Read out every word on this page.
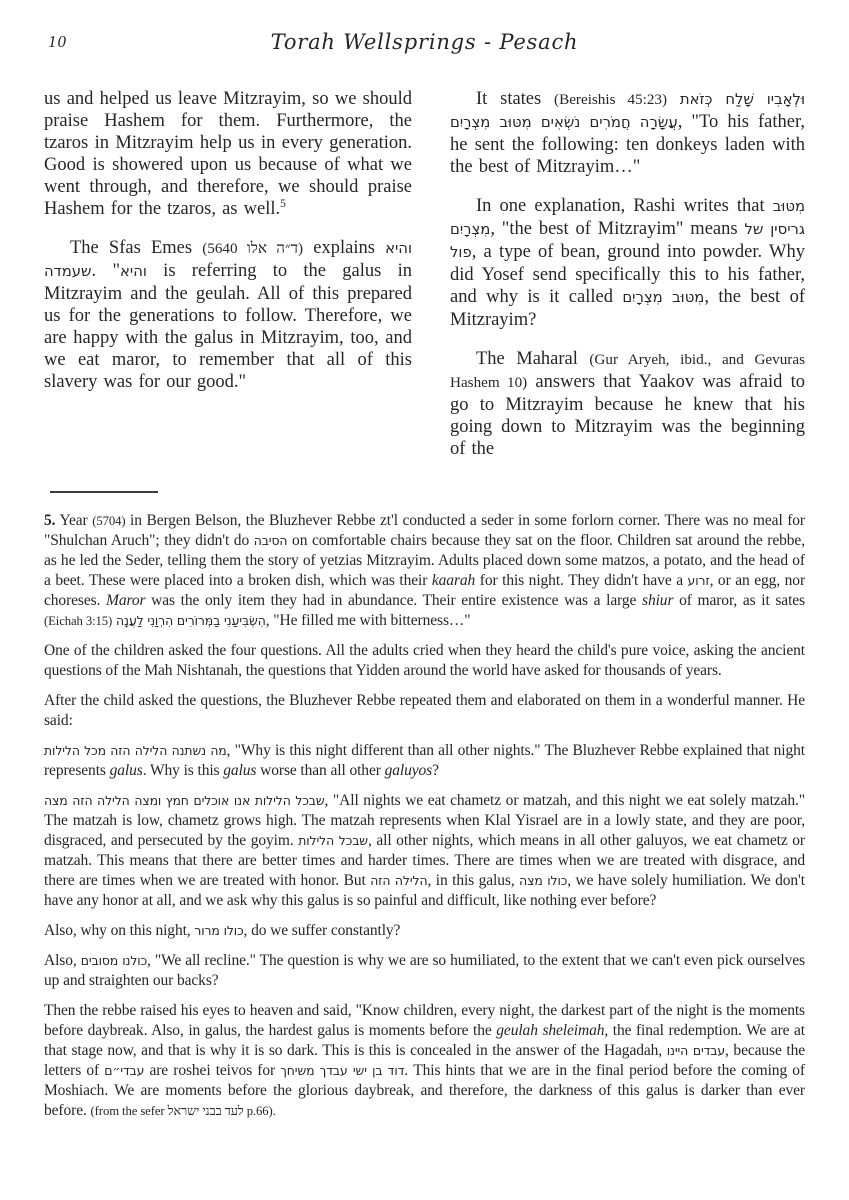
10	Torah Wellsprings - Pesach

us and helped us leave Mitzrayim, so we should praise Hashem for them. Furthermore, the tzaros in Mitzrayim help us in every generation. Good is showered upon us because of what we went through, and therefore, we should praise Hashem for the tzaros, as well.$^5$

The Sfas Emes (5640 ד״ה אלו) explains והיא שעמדה. "והיא is referring to the galus in Mitzrayim and the geulah. All of this prepared us for the generations to follow. Therefore, we are happy with the galus in Mitzrayim, too, and we eat maror, to remember that all of this slavery was for our good."

It states (Bereishis 45:23) וּלְאָבִיו שָׁלַח כְּזֹאת עֲשָׂרָה חֲמֹרִים נֹשְׂאִים מִטּוּב מִצְרָיִם, "To his father, he sent the following: ten donkeys laden with the best of Mitzrayim…"

In one explanation, Rashi writes that מִטּוּב מִצְרָיִם, "the best of Mitzrayim" means גריסין של פול, a type of bean, ground into powder. Why did Yosef send specifically this to his father, and why is it called מִטּוּב מִצְרָיִם, the best of Mitzrayim?

The Maharal (Gur Aryeh, ibid., and Gevuras Hashem 10) answers that Yaakov was afraid to go to Mitzrayim because he knew that his going down to Mitzrayim was the beginning of the

5. Year (5704) in Bergen Belson, the Bluzhever Rebbe zt'l conducted a seder in some forlorn corner. There was no meal for "Shulchan Aruch"; they didn't do הסיבה on comfortable chairs because they sat on the floor. Children sat around the rebbe, as he led the Seder, telling them the story of yetzias Mitzrayim. Adults placed down some matzos, a potato, and the head of a beet. These were placed into a broken dish, which was their kaarah for this night. They didn't have a זרוע, or an egg, nor choreses. Maror was the only item they had in abundance. Their entire existence was a large shiur of maror, as it sates (Eichah 3:15) הִשְׂבִּיעַנִי בַמְּרוֹרִים הִרְוַנִי לַעֲנָה, "He filled me with bitterness…"

One of the children asked the four questions. All the adults cried when they heard the child's pure voice, asking the ancient questions of the Mah Nishtanah, the questions that Yidden around the world have asked for thousands of years.

After the child asked the questions, the Bluzhever Rebbe repeated them and elaborated on them in a wonderful manner. He said:

מה נשתנה הלילה הזה מכל הלילות, "Why is this night different than all other nights." The Bluzhever Rebbe explained that night represents galus. Why is this galus worse than all other galuyos?

שבכל הלילות אנו אוכלים חמץ ומצה הלילה הזה מצה, "All nights we eat chametz or matzah, and this night we eat solely matzah." The matzah is low, chametz grows high. The matzah represents when Klal Yisrael are in a lowly state, and they are poor, disgraced, and persecuted by the goyim. שבכל הלילות, all other nights, which means in all other galuyos, we eat chametz or matzah. This means that there are better times and harder times. There are times when we are treated with disgrace, and there are times when we are treated with honor. But הלילה הזה, in this galus, כולו מצה, we have solely humiliation. We don't have any honor at all, and we ask why this galus is so painful and difficult, like nothing ever before?

Also, why on this night, כולו מרור, do we suffer constantly?

Also, כולנו מסובים, "We all recline." The question is why we are so humiliated, to the extent that we can't even pick ourselves up and straighten our backs?

Then the rebbe raised his eyes to heaven and said, "Know children, every night, the darkest part of the night is the moments before daybreak. Also, in galus, the hardest galus is moments before the geulah sheleimah, the final redemption. We are at that stage now, and that is why it is so dark. This is this is concealed in the answer of the Hagadah, עבדים היינו, because the letters of עבדי״ם are roshei teivos for דוד בן ישי עבדך משיחך. This hints that we are in the final period before the coming of Moshiach. We are moments before the glorious daybreak, and therefore, the darkness of this galus is darker than ever before. (from the sefer לעד בבני ישראל p.66).
